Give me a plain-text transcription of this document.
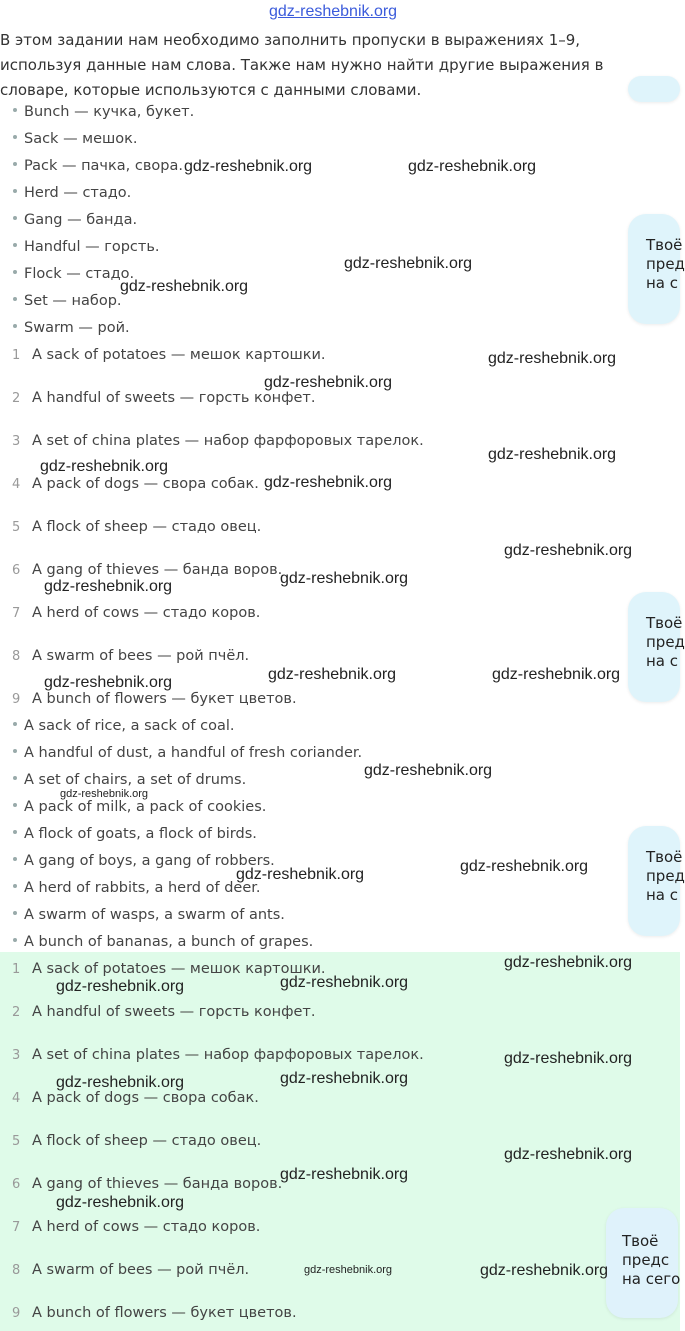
gdz-reshebnik.org
В этом задании нам необходимо заполнить пропуски в выражениях 1–9, используя данные нам слова. Также нам нужно найти другие выражения в словаре, которые используются с данными словами.
Bunch — кучка, букет.
Sack — мешок.
Pack — пачка, свора.
Herd — стадо.
Gang — банда.
Handful — горсть.
Flock — стадо.
Set — набор.
Swarm — рой.
1 A sack of potatoes — мешок картошки.
2 A handful of sweets — горсть конфет.
3 A set of china plates — набор фарфоровых тарелок.
4 A pack of dogs — свора собак.
5 A flock of sheep — стадо овец.
6 A gang of thieves — банда воров.
7 A herd of cows — стадо коров.
8 A swarm of bees — рой пчёл.
9 A bunch of flowers — букет цветов.
A sack of rice, a sack of coal.
A handful of dust, a handful of fresh coriander.
A set of chairs, a set of drums.
A pack of milk, a pack of cookies.
A flock of goats, a flock of birds.
A gang of boys, a gang of robbers.
A herd of rabbits, a herd of deer.
A swarm of wasps, a swarm of ants.
A bunch of bananas, a bunch of grapes.
1 A sack of potatoes — мешок картошки.
2 A handful of sweets — горсть конфет.
3 A set of china plates — набор фарфоровых тарелок.
4 A pack of dogs — свора собак.
5 A flock of sheep — стадо овец.
6 A gang of thieves — банда воров.
7 A herd of cows — стадо коров.
8 A swarm of bees — рой пчёл.
9 A bunch of flowers — букет цветов.
Твоё
пред
на с
Твоё
пред
на с
Твоё
пред
на с
Твоё
предс
на сего
gdz-reshebnik.org	gdz-reshebnik.org
gdz-reshebnik.org
gdz-reshebnik.org
gdz-reshebnik.org
gdz-reshebnik.org
gdz-reshebnik.org
gdz-reshebnik.org
gdz-reshebnik.org
gdz-reshebnik.org
gdz-reshebnik.org
gdz-reshebnik.org
gdz-reshebnik.org	gdz-reshebnik.org
gdz-reshebnik.org
gdz-reshebnik.org
gdz-reshebnik.org
gdz-reshebnik.org
gdz-reshebnik.org
gdz-reshebnik.org
gdz-reshebnik.org
gdz-reshebnik.org
gdz-reshebnik.org
gdz-reshebnik.org
gdz-reshebnik.org
gdz-reshebnik.org
gdz-reshebnik.org
gdz-reshebnik.org
gdz-reshebnik.org	gdz-reshebnik.org
